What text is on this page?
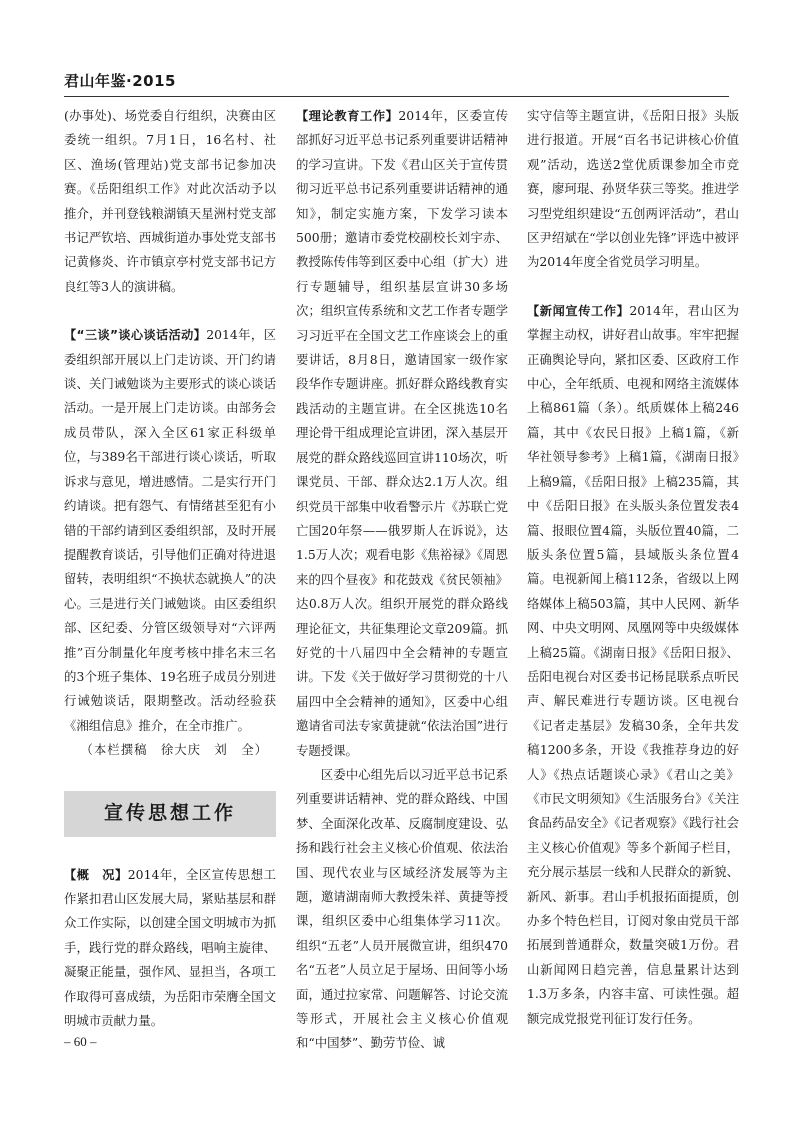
君山年鉴·2015

(办事处)、场党委自行组织，决赛由区委统一组织。7月1日，16名村、社区、渔场(管理站)党支部书记参加决赛。《岳阳组织工作》对此次活动予以推介，并刊登钱粮湖镇天星洲村党支部书记严钦培、西城街道办事处党支部书记黄修炎、许市镇京亭村党支部书记方良红等3人的演讲稿。

【“三谈”谈心谈话活动】2014年，区委组织部开展以上门走访谈、开门约请谈、关门诫勉谈为主要形式的谈心谈话活动。一是开展上门走访谈。由部务会成员带队，深入全区61家正科级单位，与389名干部进行谈心谈话，听取诉求与意见，增进感情。二是实行开门约请谈。把有怨气、有情绪甚至犯有小错的干部约请到区委组织部，及时开展提醒教育谈话，引导他们正确对待进退留转，表明组织“不换状态就换人”的决心。三是进行关门诫勉谈。由区委组织部、区纪委、分管区级领导对“六评两推”百分制量化年度考核中排名末三名的3个班子集体、19名班子成员分别进行诫勉谈话，限期整改。活动经验获《湘组信息》推介，在全市推广。

（本栏撰稿　徐大庆　刘　全）

宣传思想工作

【概　况】2014年，全区宣传思想工作紧扣君山区发展大局，紧贴基层和群众工作实际，以创建全国文明城市为抓手，践行党的群众路线，唱响主旋律、凝聚正能量，强作风、显担当，各项工作取得可喜成绩，为岳阳市荣膺全国文明城市贡献力量。

【理论教育工作】2014年，区委宣传部抓好习近平总书记系列重要讲话精神的学习宣讲。下发《君山区关于宣传贯彻习近平总书记系列重要讲话精神的通知》，制定实施方案，下发学习读本500册；邀请市委党校副校长刘宇赤、教授陈传伟等到区委中心组（扩大）进行专题辅导，组织基层宣讲30多场次；组织宣传系统和文艺工作者专题学习习近平在全国文艺工作座谈会上的重要讲话，8月8日，邀请国家一级作家段华作专题讲座。抓好群众路线教育实践活动的主题宣讲。在全区挑选10名理论骨干组成理论宣讲团，深入基层开展党的群众路线巡回宣讲110场次，听课党员、干部、群众达2.1万人次。组织党员干部集中收看警示片《苏联亡党亡国20年祭——俄罗斯人在诉说》，达1.5万人次；观看电影《焦裕禄》《周恩来的四个昼夜》和花鼓戏《贫民领袖》达0.8万人次。组织开展党的群众路线理论征文，共征集理论文章209篇。抓好党的十八届四中全会精神的专题宣讲。下发《关于做好学习贯彻党的十八届四中全会精神的通知》，区委中心组邀请省司法专家黄捷就“依法治国”进行专题授课。

区委中心组先后以习近平总书记系列重要讲话精神、党的群众路线、中国梦、全面深化改革、反腐制度建设、弘扬和践行社会主义核心价值观、依法治国、现代农业与区域经济发展等为主题，邀请湖南师大教授朱祥、黄捷等授课，组织区委中心组集体学习11次。组织“五老”人员开展微宣讲，组织470名“五老”人员立足于屋场、田间等小场面，通过拉家常、问题解答、讨论交流等形式，开展社会主义核心价值观和“中国梦”、勤劳节俭、诚

实守信等主题宣讲，《岳阳日报》头版进行报道。开展“百名书记讲核心价值观”活动，选送2堂优质课参加全市竞赛，廖珂琨、孙贤华获三等奖。推进学习型党组织建设“五创两评活动”，君山区尹绍斌在“学以创业先锋”评选中被评为2014年度全省党员学习明星。

【新闻宣传工作】2014年，君山区为掌握主动权，讲好君山故事。牢牢把握正确舆论导向，紧扣区委、区政府工作中心，全年纸质、电视和网络主流媒体上稿861篇（条）。纸质媒体上稿246篇，其中《农民日报》上稿1篇，《新华社领导参考》上稿1篇，《湖南日报》上稿9篇，《岳阳日报》上稿235篇，其中《岳阳日报》在头版头条位置发表4篇、报眼位置4篇，头版位置40篇，二版头条位置5篇，县域版头条位置4篇。电视新闻上稿112条，省级以上网络媒体上稿503篇，其中人民网、新华网、中央文明网、凤凰网等中央级媒体上稿25篇。《湖南日报》《岳阳日报》、岳阳电视台对区委书记杨昆联系点听民声、解民难进行专题访谈。区电视台《记者走基层》发稿30条，全年共发稿1200多条，开设《我推荐身边的好人》《热点话题谈心录》《君山之美》《市民文明须知》《生活服务台》《关注食品药品安全》《记者观察》《践行社会主义核心价值观》等多个新闻子栏目，充分展示基层一线和人民群众的新貌、新风、新事。君山手机报拓面提质，创办多个特色栏目，订阅对象由党员干部拓展到普通群众，数量突破1万份。君山新闻网日趋完善，信息量累计达到1.3万多条，内容丰富、可读性强。超额完成党报党刊征订发行任务。

– 60 –
